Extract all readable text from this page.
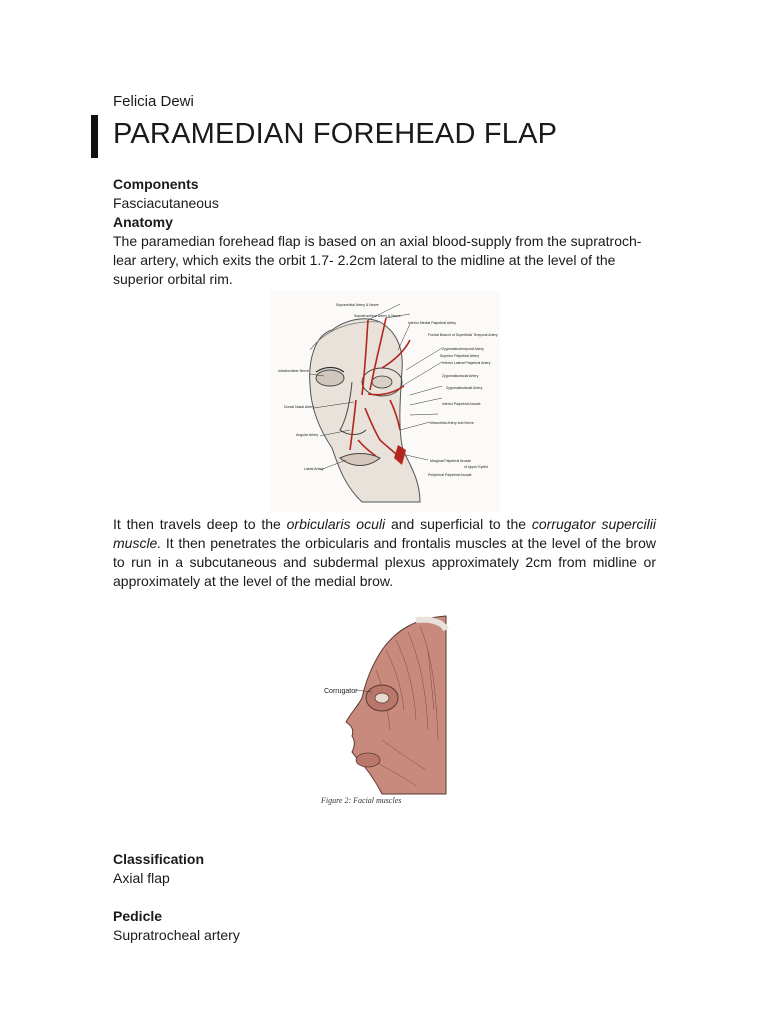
Felicia Dewi
PARAMEDIAN FOREHEAD FLAP
Components
Fasciacutaneous
Anatomy
The paramedian forehead flap is based on an axial blood-supply from the supratroch-lear artery, which exits the orbit 1.7- 2.2cm lateral to the midline at the level of the superior orbital rim.
Supraorbital Artery & Nerve
Supratrochlear Artery & Nerve
Inferior Medial Palpebral Artery
Frontal Branch of Superficial Temporal Artery
Zygomaticotemporal Artery
Superior Palpebral Artery
Inferior Lateral Palpebral Artery
Zygomaticofacial Artery
Zygomaticofacial Artery
Inferior Palpebral Arcade
Infraorbital Artery and Nerve
Marginal Palpebral Arcade
Peripheral Palpebral Arcade
of Upper Eyelid
Infratrochlear Nerve
Dorsal Nasal Artery
Angular Artery
Labial Artery
It then travels deep to the orbicularis oculi and superficial to the corrugator supercilii muscle. It then penetrates the orbicularis and frontalis muscles at the level of the brow to run in a subcutaneous and subdermal plexus approximately 2cm from midline or approximately at the level of the medial brow.
Corrugator
Figure 2: Facial muscles
Classification
Axial flap
Pedicle
Supratrocheal artery
